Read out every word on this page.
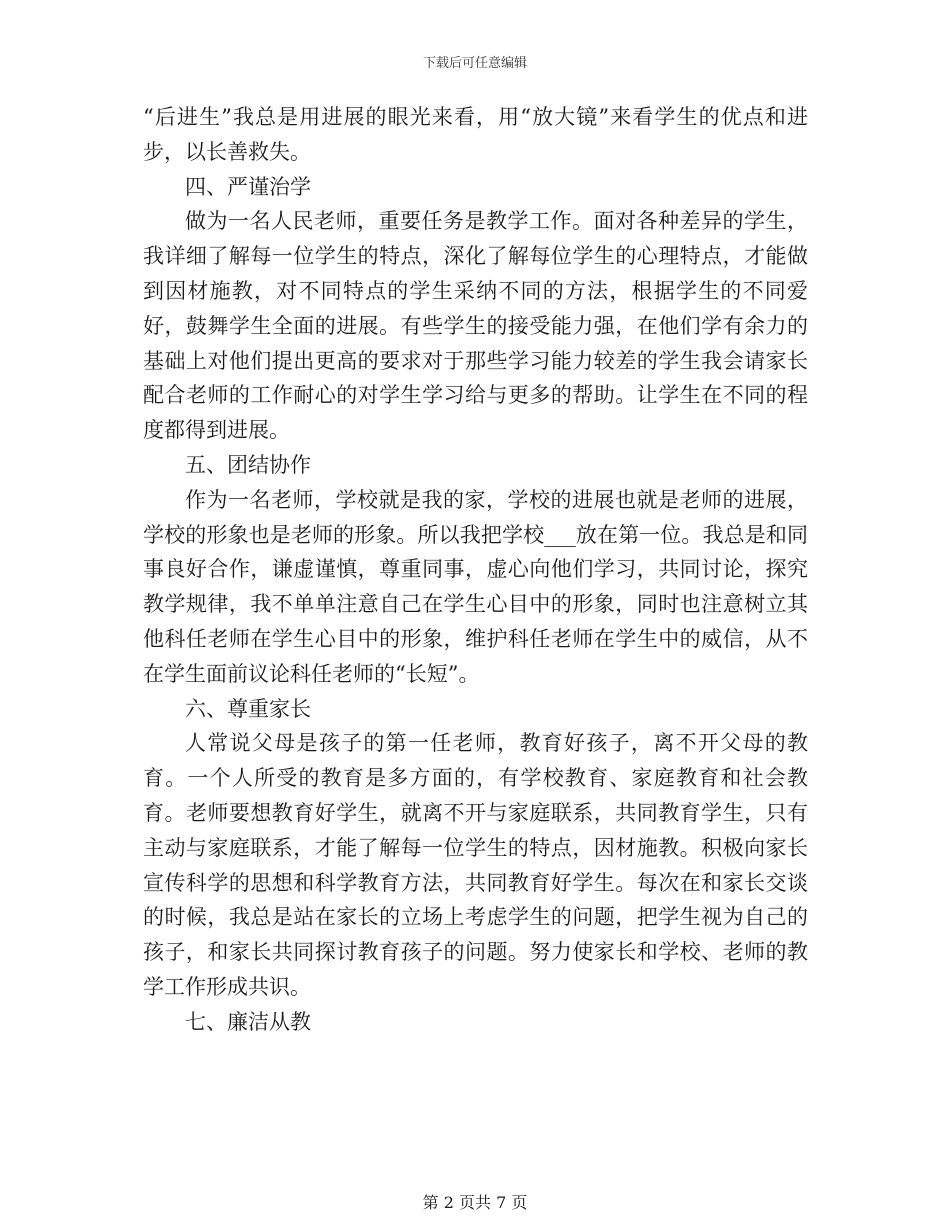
下载后可任意编辑

“后进生”我总是用进展的眼光来看，用“放大镜”来看学生的优点和进步，以长善救失。

四、严谨治学

做为一名人民老师，重要任务是教学工作。面对各种差异的学生，我详细了解每一位学生的特点，深化了解每位学生的心理特点，才能做到因材施教，对不同特点的学生采纳不同的方法，根据学生的不同爱好，鼓舞学生全面的进展。有些学生的接受能力强，在他们学有余力的基础上对他们提出更高的要求对于那些学习能力较差的学生我会请家长配合老师的工作耐心的对学生学习给与更多的帮助。让学生在不同的程度都得到进展。

五、团结协作

作为一名老师，学校就是我的家，学校的进展也就是老师的进展，学校的形象也是老师的形象。所以我把学校___放在第一位。我总是和同事良好合作，谦虚谨慎，尊重同事，虚心向他们学习，共同讨论，探究教学规律，我不单单注意自己在学生心目中的形象，同时也注意树立其他科任老师在学生心目中的形象，维护科任老师在学生中的威信，从不在学生面前议论科任老师的“长短”。

六、尊重家长

人常说父母是孩子的第一任老师，教育好孩子，离不开父母的教育。一个人所受的教育是多方面的，有学校教育、家庭教育和社会教育。老师要想教育好学生，就离不开与家庭联系，共同教育学生，只有主动与家庭联系，才能了解每一位学生的特点，因材施教。积极向家长宣传科学的思想和科学教育方法，共同教育好学生。每次在和家长交谈的时候，我总是站在家长的立场上考虑学生的问题，把学生视为自己的孩子，和家长共同探讨教育孩子的问题。努力使家长和学校、老师的教学工作形成共识。

七、廉洁从教

第 2 页共 7 页
